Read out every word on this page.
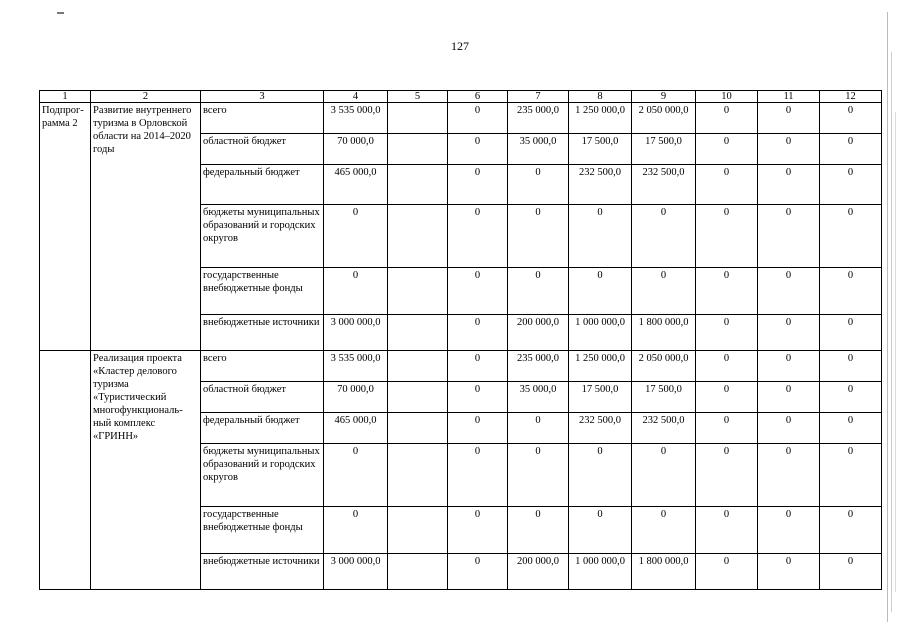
127
1	2	3	4	5	6	7	8	9	10	11	12
Подпрог-рамма 2	Развитие внутреннего туризма в Орловской области на 2014–2020 годы	всего	3 535 000,0		0	235 000,0	1 250 000,0	2 050 000,0	0	0	0
		областной бюджет	70 000,0		0	35 000,0	17 500,0	17 500,0	0	0	0
		федеральный бюджет	465 000,0		0	0	232 500,0	232 500,0	0	0	0
		бюджеты муниципальных образований и городских округов	0		0	0	0	0	0	0	0
		государственные внебюджетные фонды	0		0	0	0	0	0	0	0
		внебюджетные источники	3 000 000,0		0	200 000,0	1 000 000,0	1 800 000,0	0	0	0
	Реализация проекта «Кластер делового туризма «Туристический многофункциональ-ный комплекс «ГРИНН»	всего	3 535 000,0		0	235 000,0	1 250 000,0	2 050 000,0	0	0	0
		областной бюджет	70 000,0		0	35 000,0	17 500,0	17 500,0	0	0	0
		федеральный бюджет	465 000,0		0	0	232 500,0	232 500,0	0	0	0
		бюджеты муниципальных образований и городских округов	0		0	0	0	0	0	0	0
		государственные внебюджетные фонды	0		0	0	0	0	0	0	0
		внебюджетные источники	3 000 000,0		0	200 000,0	1 000 000,0	1 800 000,0	0	0	0
